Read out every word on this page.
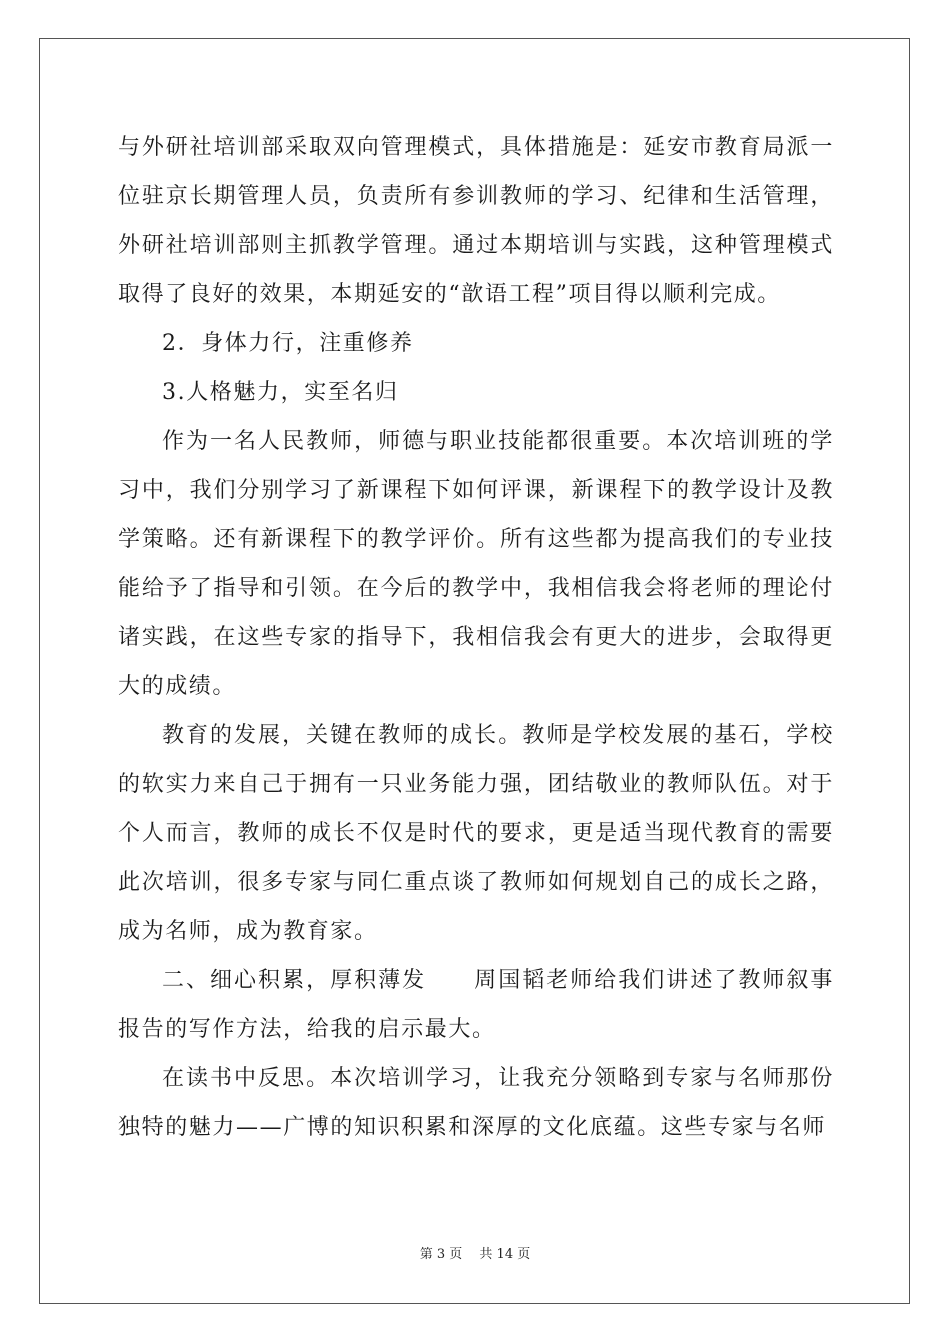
与外研社培训部采取双向管理模式，具体措施是：延安市教育局派一位驻京长期管理人员，负责所有参训教师的学习、纪律和生活管理，外研社培训部则主抓教学管理。通过本期培训与实践，这种管理模式取得了良好的效果，本期延安的“歆语工程”项目得以顺利完成。

2．身体力行，注重修养

3.人格魅力，实至名归

作为一名人民教师，师德与职业技能都很重要。本次培训班的学习中，我们分别学习了新课程下如何评课，新课程下的教学设计及教学策略。还有新课程下的教学评价。所有这些都为提高我们的专业技能给予了指导和引领。在今后的教学中，我相信我会将老师的理论付诸实践，在这些专家的指导下，我相信我会有更大的进步，会取得更大的成绩。

教育的发展，关键在教师的成长。教师是学校发展的基石，学校的软实力来自己于拥有一只业务能力强，团结敬业的教师队伍。对于个人而言，教师的成长不仅是时代的要求，更是适当现代教育的需要此次培训，很多专家与同仁重点谈了教师如何规划自己的成长之路，成为名师，成为教育家。

二、细心积累，厚积薄发　　周国韬老师给我们讲述了教师叙事报告的写作方法，给我的启示最大。

在读书中反思。本次培训学习，让我充分领略到专家与名师那份独特的魅力——广博的知识积累和深厚的文化底蕴。这些专家与名师

第 3 页　 共 14 页
